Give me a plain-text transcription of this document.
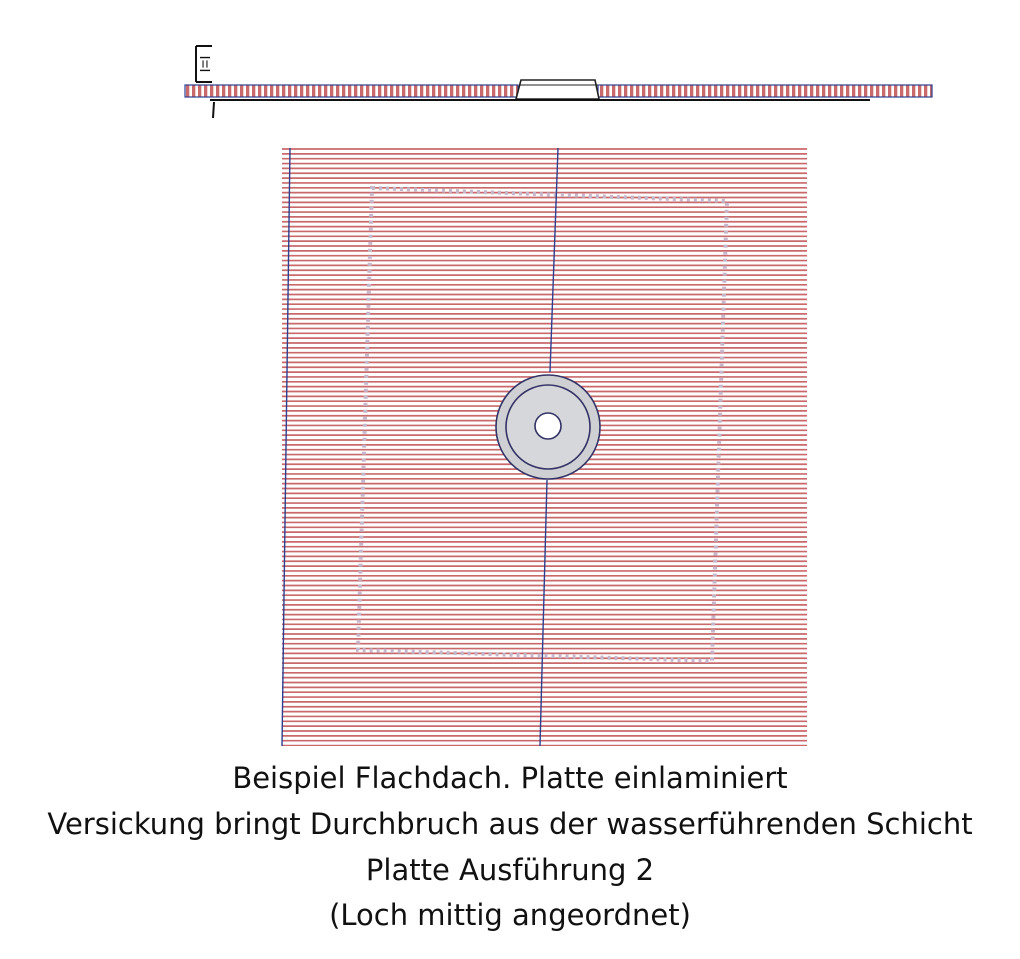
I=I
Beispiel Flachdach. Platte einlaminiert
Versickung bringt Durchbruch aus der wasserführenden Schicht
Platte Ausführung 2
(Loch mittig angeordnet)
